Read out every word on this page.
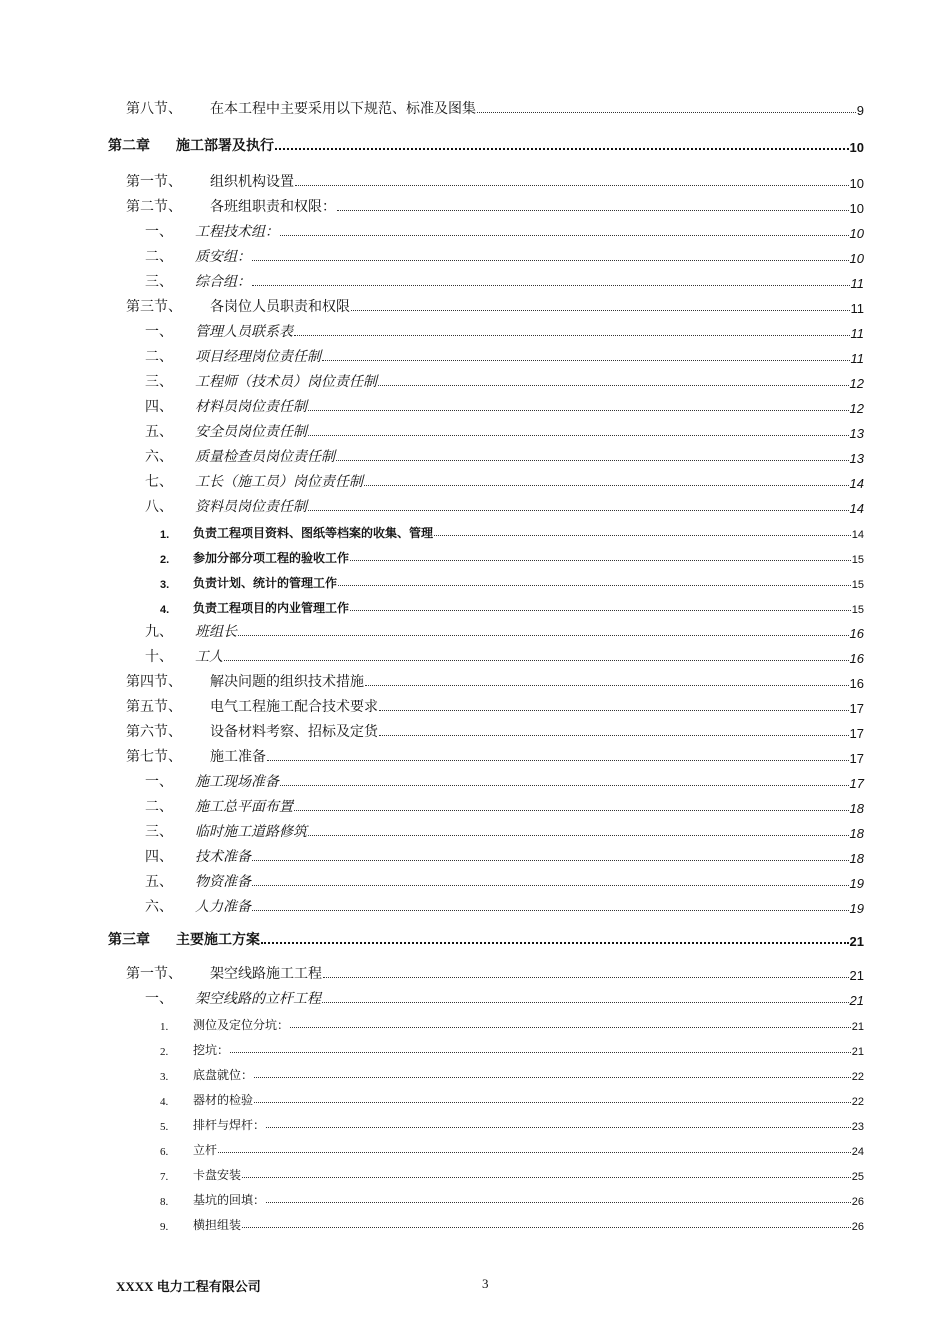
第八节、	在本工程中主要采用以下规范、标准及图集	9
第二章	施工部署及执行	10
第一节、	组织机构设置	10
第二节、	各班组职责和权限：	10
一、	工程技术组：	10
二、	质安组：	10
三、	综合组：	11
第三节、	各岗位人员职责和权限	11
一、	管理人员联系表	11
二、	项目经理岗位责任制	11
三、	工程师（技术员）岗位责任制	12
四、	材料员岗位责任制	12
五、	安全员岗位责任制	13
六、	质量检查员岗位责任制	13
七、	工长（施工员）岗位责任制	14
八、	资料员岗位责任制	14
1.	负责工程项目资料、图纸等档案的收集、管理	14
2.	参加分部分项工程的验收工作	15
3.	负责计划、统计的管理工作	15
4.	负责工程项目的内业管理工作	15
九、	班组长	16
十、	工人	16
第四节、	解决问题的组织技术措施	16
第五节、	电气工程施工配合技术要求	17
第六节、	设备材料考察、招标及定货	17
第七节、	施工准备	17
一、	施工现场准备	17
二、	施工总平面布置	18
三、	临时施工道路修筑	18
四、	技术准备	18
五、	物资准备	19
六、	人力准备	19
第三章	主要施工方案	21
第一节、	架空线路施工工程	21
一、	架空线路的立杆工程	21
1.	测位及定位分坑：	21
2.	挖坑：	21
3.	底盘就位：	22
4.	器材的检验	22
5.	排杆与焊杆：	23
6.	立杆	24
7.	卡盘安装	25
8.	基坑的回填：	26
9.	横担组装	26
XXXX 电力工程有限公司	3
